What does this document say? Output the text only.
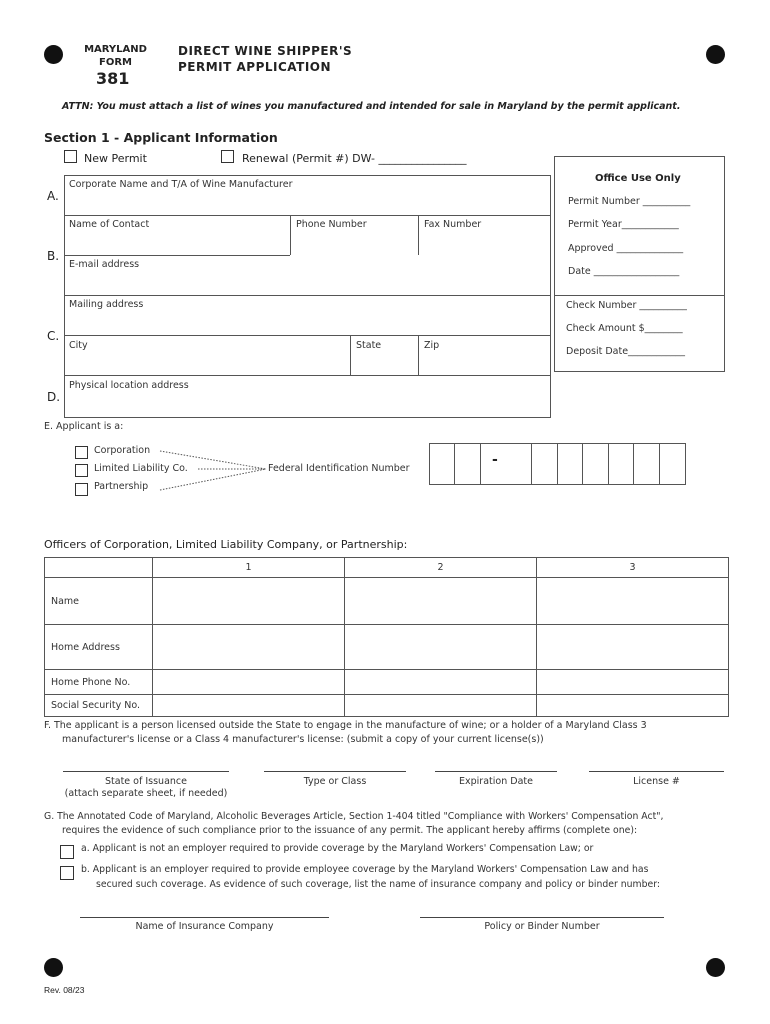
MARYLAND
FORM
381
DIRECT WINE SHIPPER'S
PERMIT APPLICATION
ATTN: You must attach a list of wines you manufactured and intended for sale in Maryland by the permit applicant.
Section 1 - Applicant Information
New Permit	Renewal (Permit #) DW- ________________
A.
B.
C.
D.
Corporate Name and T/A of Wine Manufacturer
Name of Contact	Phone Number	Fax Number
E-mail address
Mailing address
City	State	Zip
Physical location address
Office Use Only
Permit Number __________
Permit Year____________
Approved ______________
Date __________________
Check Number __________
Check Amount $________
Deposit Date____________
E. Applicant is a:
Corporation
Limited Liability Co.
Partnership
Federal Identification Number
-
Officers of Corporation, Limited Liability Company, or Partnership:
	1	2	3
Name			
Home Address			
Home Phone No.			
Social Security No.			
F. The applicant is a person licensed outside the State to engage in the manufacture of wine; or a holder of a Maryland Class 3
manufacturer's license or a Class 4 manufacturer's license: (submit a copy of your current license(s))
State of Issuance
(attach separate sheet, if needed)
Type or Class	Expiration Date	License #
G. The Annotated Code of Maryland, Alcoholic Beverages Article, Section 1-404 titled "Compliance with Workers' Compensation Act",
requires the evidence of such compliance prior to the issuance of any permit. The applicant hereby affirms (complete one):
a. Applicant is not an employer required to provide coverage by the Maryland Workers' Compensation Law; or
b. Applicant is an employer required to provide employee coverage by the Maryland Workers' Compensation Law and has
secured such coverage. As evidence of such coverage, list the name of insurance company and policy or binder number:
Name of Insurance Company	Policy or Binder Number
Rev. 08/23
